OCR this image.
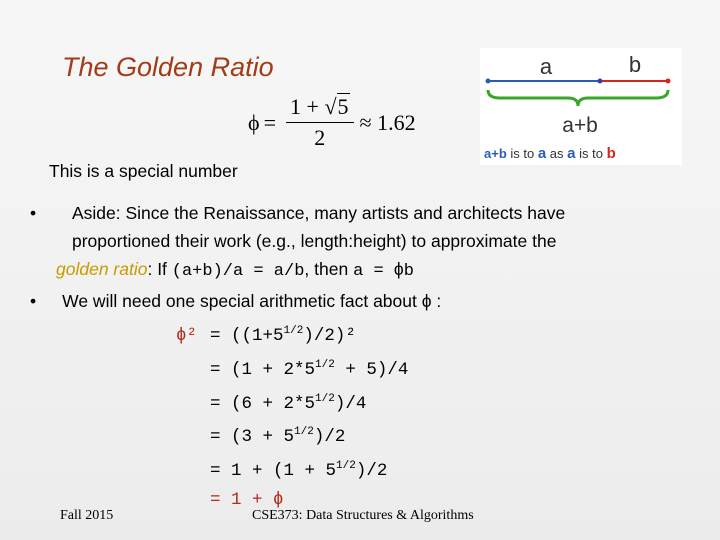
The Golden Ratio
$\phi = \frac{1 + √5}{2} \approx 1.62$
This is a special number
a	b
a+b
a+b is to a as a is to b
• Aside: Since the Renaissance, many artists and architects have
proportioned their work (e.g., length:height) to approximate the
golden ratio: If (a+b)/a = a/b, then a = ϕb
• We will need one special arithmetic fact about ϕ :
$\phi^2 = ((1+5^{1/2})/2)^2$
= $(1 + 2*5^{1/2} + 5)/4$
= $(6 + 2*5^{1/2})/4$
= $(3 + 5^{1/2})/2$
= $1 + (1 + 5^{1/2})/2$
= 1 + ϕ
Fall 2015	CSE373: Data Structures & Algorithms
